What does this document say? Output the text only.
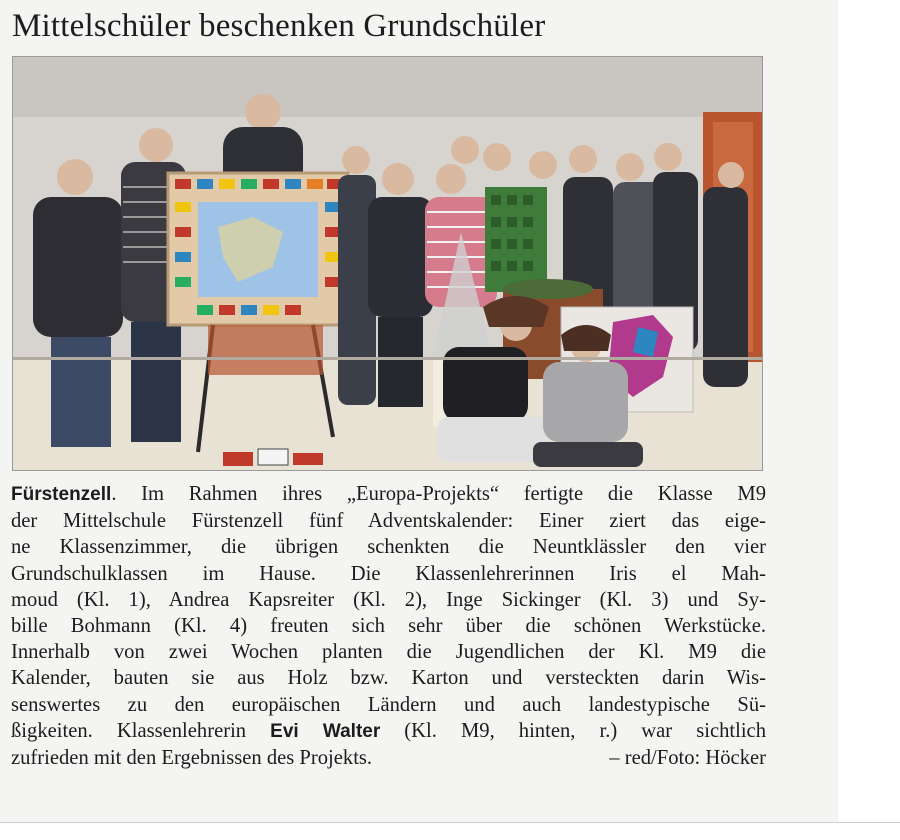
Mittelschüler beschenken Grundschüler
Fürstenzell. Im Rahmen ihres „Europa-Projekts“ fertigte die Klasse M9
der Mittelschule Fürstenzell fünf Adventskalender: Einer ziert das eige-
ne Klassenzimmer, die übrigen schenkten die Neuntklässler den vier
Grundschulklassen im Hause. Die Klassenlehrerinnen Iris el Mah-
moud (Kl. 1), Andrea Kapsreiter (Kl. 2), Inge Sickinger (Kl. 3) und Sy-
bille Bohmann (Kl. 4) freuten sich sehr über die schönen Werkstücke.
Innerhalb von zwei Wochen planten die Jugendlichen der Kl. M9 die
Kalender, bauten sie aus Holz bzw. Karton und versteckten darin Wis-
senswertes zu den europäischen Ländern und auch landestypische Sü-
ßigkeiten. Klassenlehrerin Evi Walter (Kl. M9, hinten, r.) war sichtlich
zufrieden mit den Ergebnissen des Projekts.	– red/Foto: Höcker
